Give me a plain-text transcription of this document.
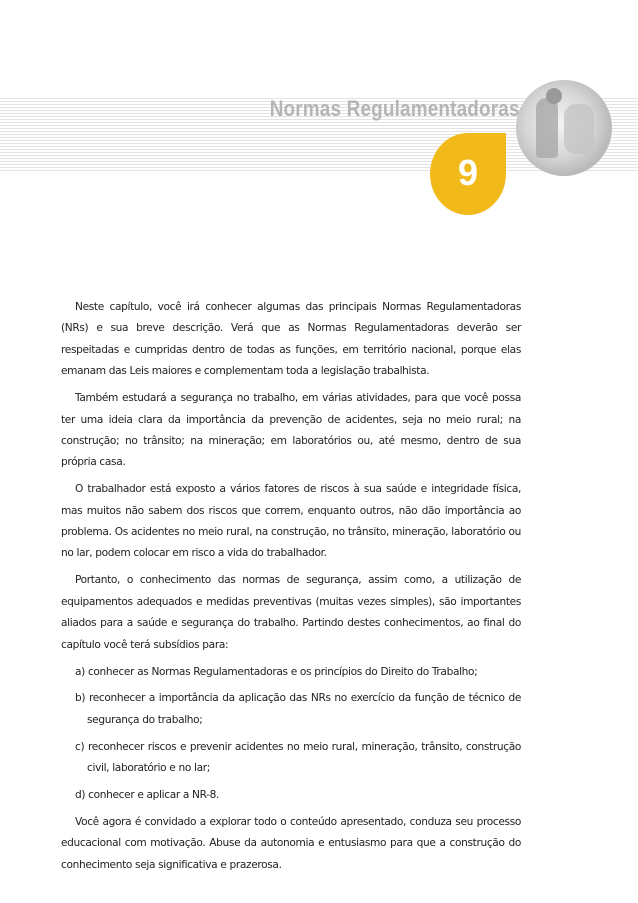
Normas Regulamentadoras
9

Neste capítulo, você irá conhecer algumas das principais Normas Regulamentadoras (NRs) e sua breve descrição. Verá que as Normas Regulamentadoras deverão ser respeitadas e cumpridas dentro de todas as funções, em território nacional, porque elas emanam das Leis maiores e complementam toda a legislação trabalhista.

Também estudará a segurança no trabalho, em várias atividades, para que você possa ter uma ideia clara da importância da prevenção de acidentes, seja no meio rural; na construção; no trânsito; na mineração; em laboratórios ou, até mesmo, dentro de sua própria casa.

O trabalhador está exposto a vários fatores de riscos à sua saúde e integridade física, mas muitos não sabem dos riscos que correm, enquanto outros, não dão importância ao problema. Os acidentes no meio rural, na construção, no trânsito, mineração, laboratório ou no lar, podem colocar em risco a vida do trabalhador.

Portanto, o conhecimento das normas de segurança, assim como, a utilização de equipamentos adequados e medidas preventivas (muitas vezes simples), são importantes aliados para a saúde e segurança do trabalho. Partindo destes conhecimentos, ao final do capítulo você terá subsídios para:

a) conhecer as Normas Regulamentadoras e os princípios do Direito do Trabalho;
b) reconhecer a importância da aplicação das NRs no exercício da função de técnico de segurança do trabalho;
c) reconhecer riscos e prevenir acidentes no meio rural, mineração, trânsito, construção civil, laboratório e no lar;
d) conhecer e aplicar a NR-8.

Você agora é convidado a explorar todo o conteúdo apresentado, conduza seu processo educacional com motivação. Abuse da autonomia e entusiasmo para que a construção do conhecimento seja significativa e prazerosa.
